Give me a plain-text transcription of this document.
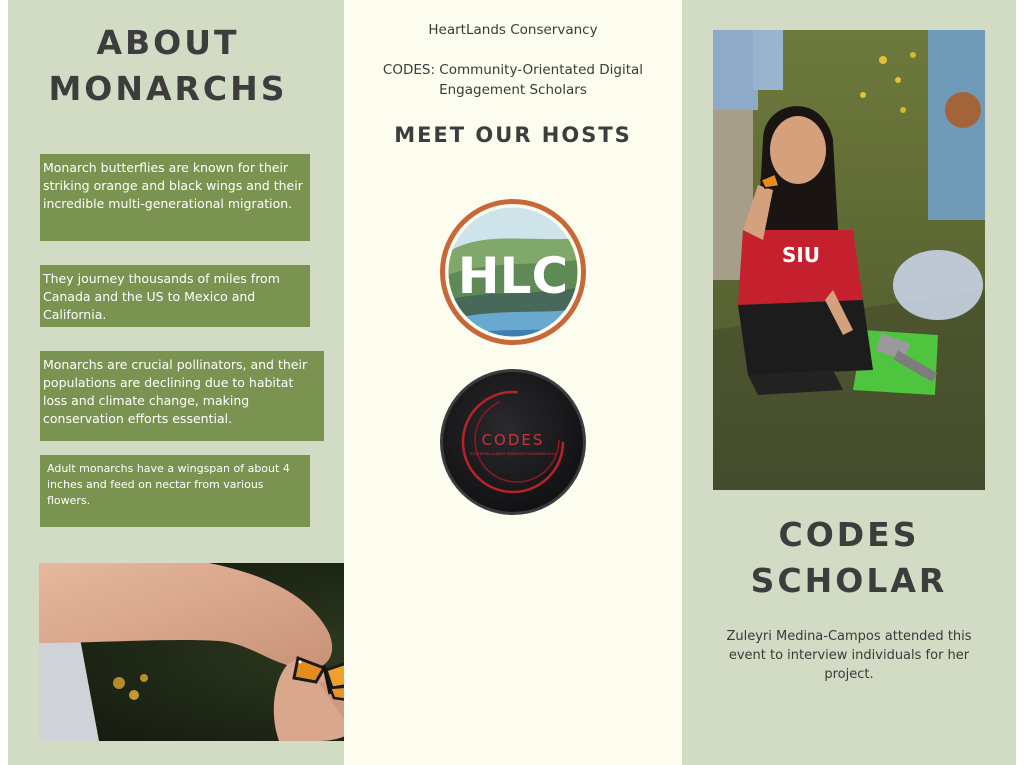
ABOUT
MONARCHS
Monarch butterflies are known for their striking orange and black wings and their incredible multi-generational migration.
They journey thousands of miles from Canada and the US to Mexico and California.
Monarchs are crucial pollinators, and their populations are declining due to habitat loss and climate change, making conservation efforts essential.
Adult monarchs have a wingspan of about 4 inches and feed on nectar from various flowers.
HeartLands Conservancy
CODES: Community-Orientated Digital Engagement Scholars
MEET OUR HOSTS
HLC
CODES
SOUTHERN ILLINOIS UNIVERSITY EDWARDSVILLE
SIU
CODES
SCHOLAR
Zuleyri Medina-Campos attended this event to interview individuals for her project.
